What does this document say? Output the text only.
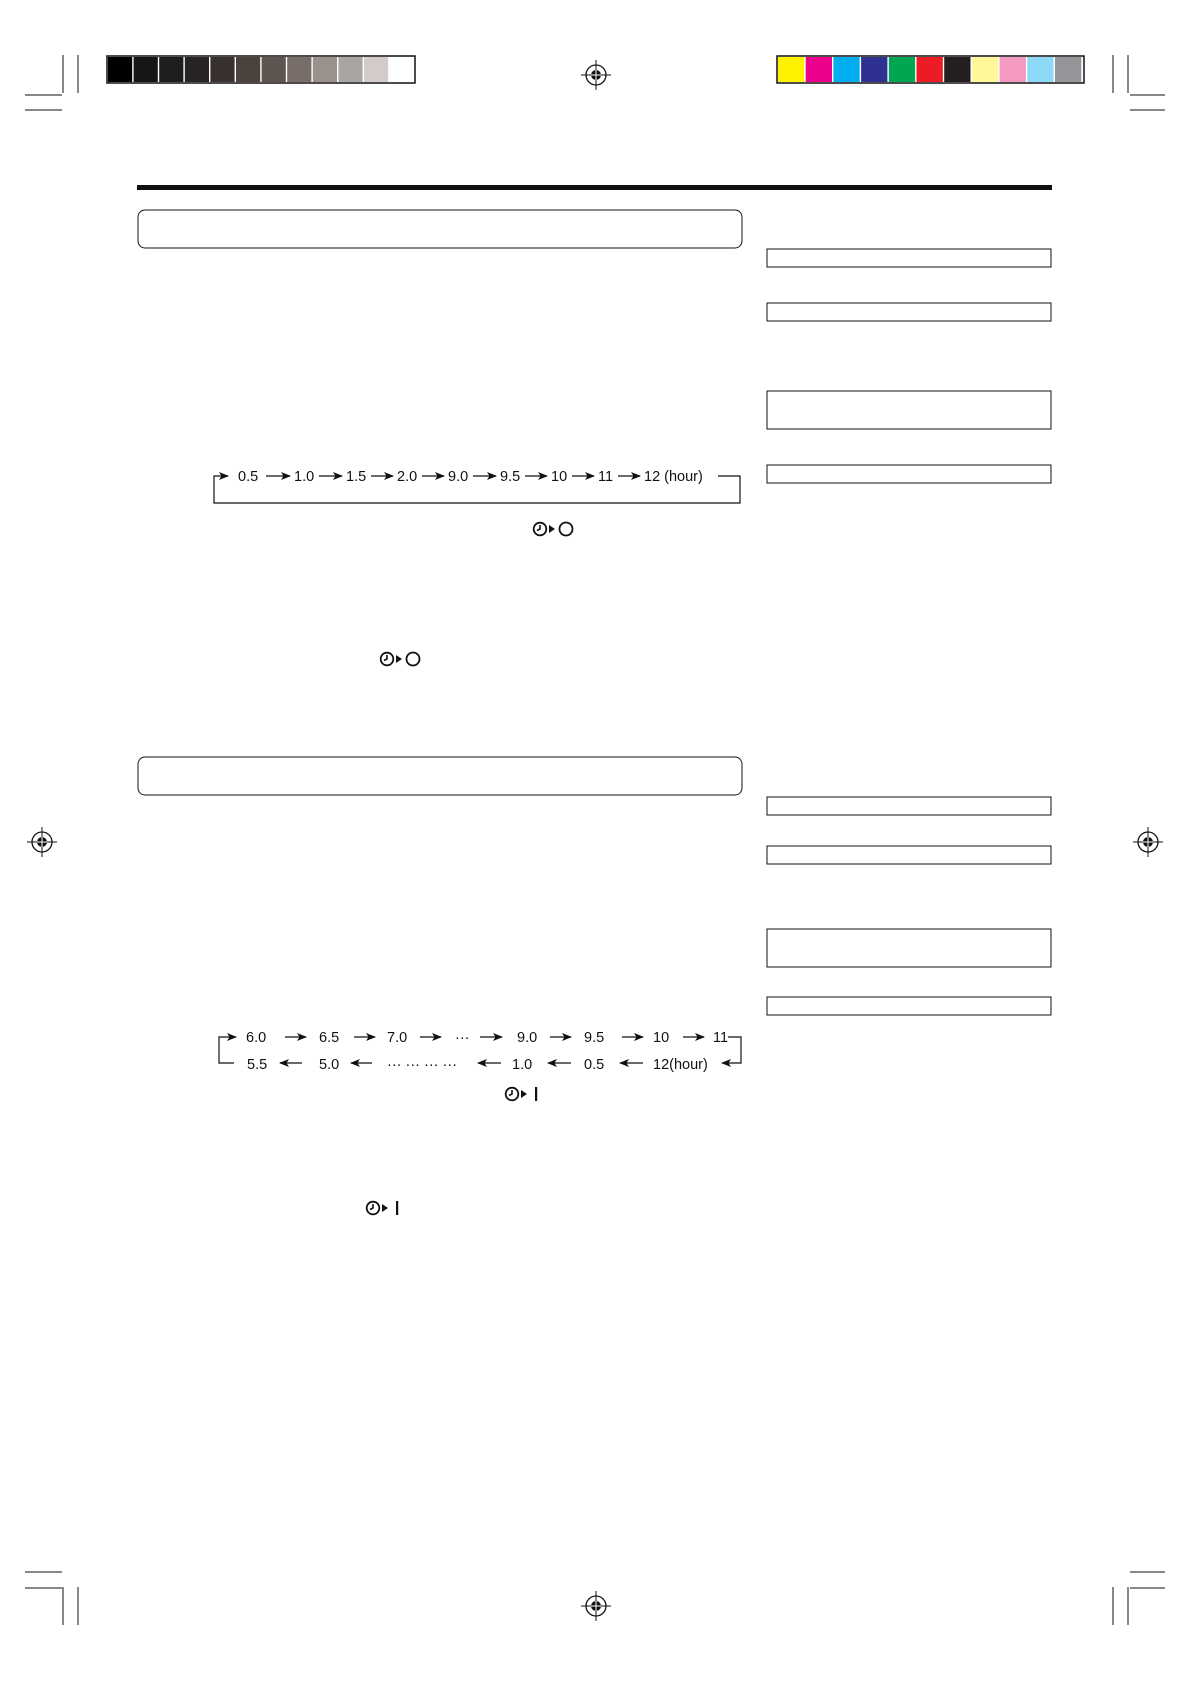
0.5 1.0 1.5 2.0 9.0 9.5 10 11 12 (hour)
6.0	6.5	7.0	···	9.0	9.5	10	11
5.5	5.0	··· ··· ··· ···	1.0	0.5	12(hour)
